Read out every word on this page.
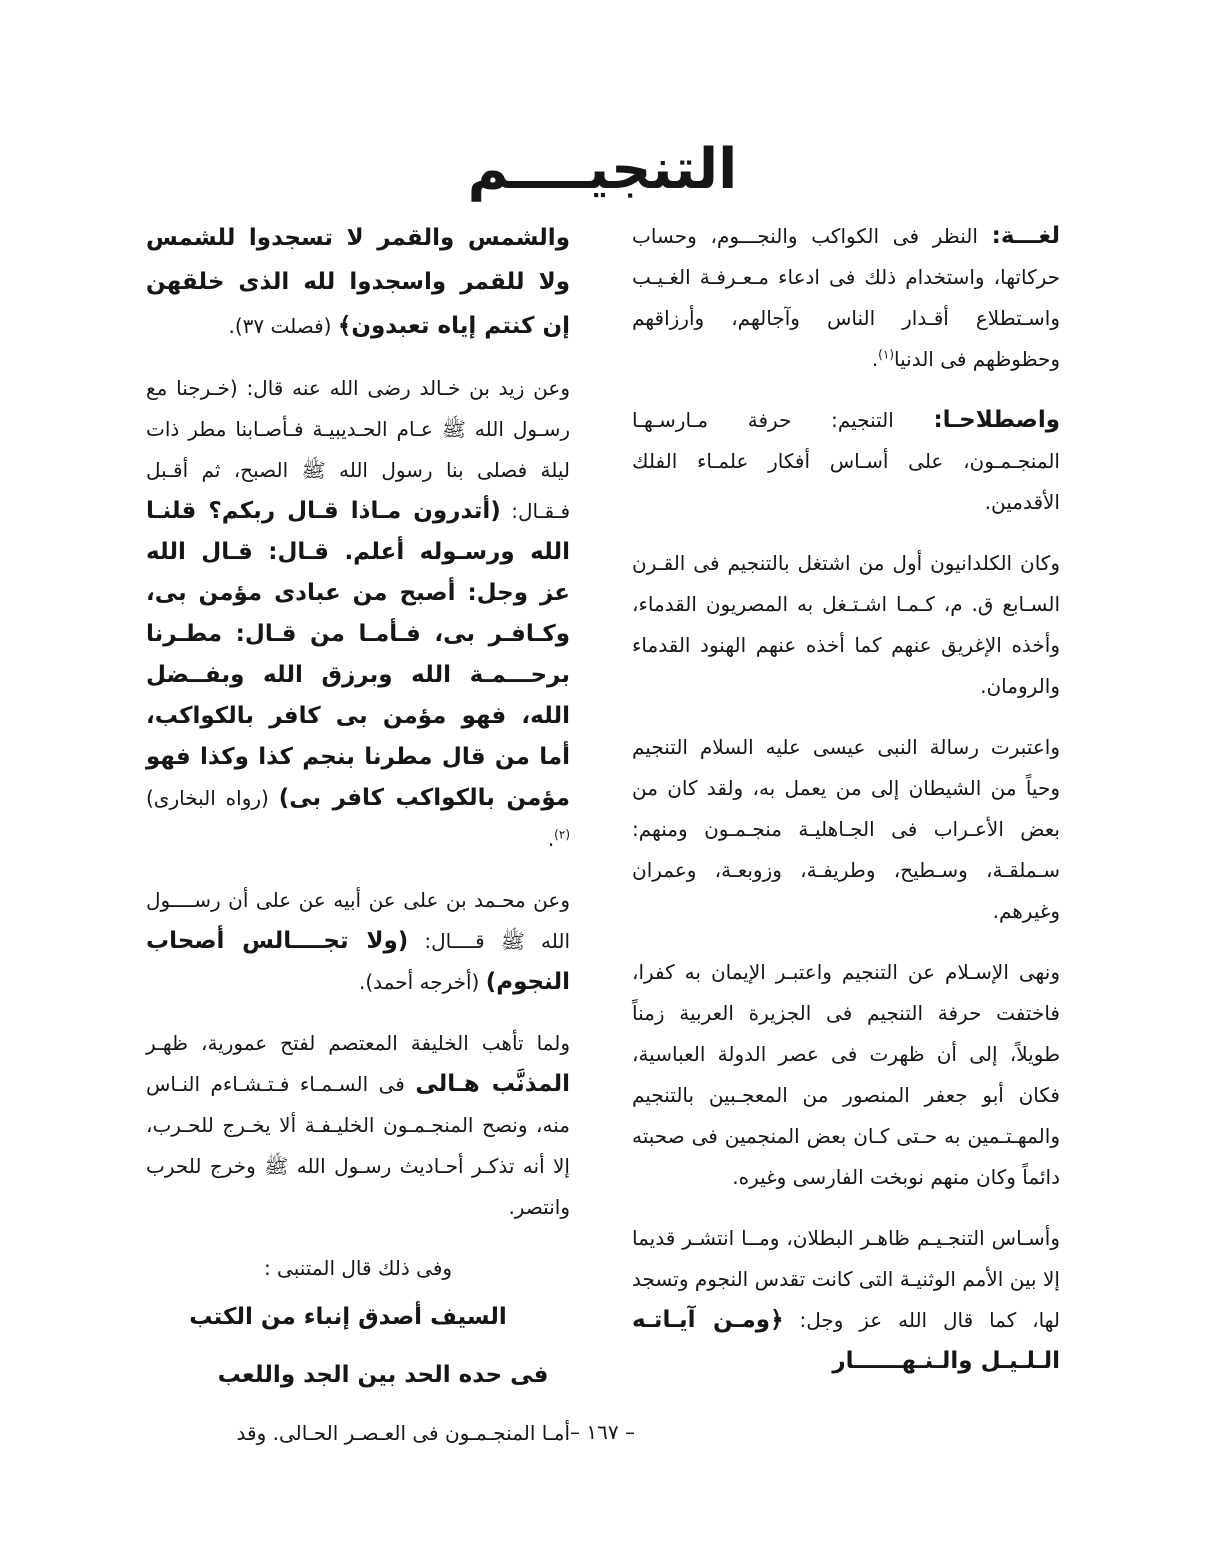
التنجيــــم

لغـــة: النظر فى الكواكب والنجـــوم، وحساب حركاتها، واستخدام ذلك فى ادعاء مـعـرفـة الغـيـب واسـتطلاع أقـدار الناس وآجالهم، وأرزاقهم وحظوظهم فى الدنيا$^{(١)}$.

واصطلاحـا: التنجيم: حرفة مـارسـهـا المنجـمـون، على أسـاس أفكار علمـاء الفلك الأقدمين.

وكان الكلدانيون أول من اشتغل بالتنجيم فى القـرن السـابع ق. م، كـمـا اشـتـغل به المصريون القدماء، وأخذه الإغريق عنهم كما أخذه عنهم الهنود القدماء والرومان.

واعتبرت رسالة النبى عيسى عليه السلام التنجيم وحياً من الشيطان إلى من يعمل به، ولقد كان من بعض الأعـراب فى الجـاهليـة منجـمـون ومنهم: سـملقـة، وسـطيح، وطريفـة، وزوبعـة، وعمران وغيرهم.

ونهى الإسـلام عن التنجيم واعتبـر الإيمان به كفرا، فاختفت حرفة التنجيم فى الجزيرة العربية زمناً طويلاً، إلى أن ظهرت فى عصر الدولة العباسية، فكان أبو جعفر المنصور من المعجـبين بالتنجيم والمهـتـمين به حـتى كـان بعض المنجمين فى صحبته دائماً وكان منهم نوبخت الفارسى وغيره.

وأسـاس التنجـيـم ظاهـر البطلان، ومــا انتشـر قديما إلا بين الأمم الوثنيـة التى كانت تقدس النجوم وتسجد لها، كما قال الله عز وجل: ﴿ومـن آيـاتـه الـلـيـل والـنـهــــــار

والشمس والقمر لا تسجدوا للشمس ولا للقمر واسجدوا لله الذى خلقهن إن كنتم إياه تعبدون﴾ (فصلت ٣٧).

وعن زيد بن خـالد رضى الله عنه قال: (خـرجنا مع رسـول الله ﷺ عـام الحـديبيـة فـأصـابنا مطر ذات ليلة فصلى بنا رسول الله ﷺ الصبح، ثم أقـبل فـقـال: (أتدرون مـاذا قـال ربكم؟ قلنـا الله ورسـوله أعلم. قـال: قـال الله عز وجل: أصبح من عبادى مؤمن بى، وكـافـر بى، فـأمـا من قـال: مطـرنا برحـــمـة الله وبرزق الله وبفــضل الله، فهو مؤمن بى كافر بالكواكب، أما من قال مطرنا بنجم كذا وكذا فهو مؤمن بالكواكب كافر بى) (رواه البخارى)$^{(٢)}$.

وعن محـمد بن على عن أبيه عن على أن رســــول الله ﷺ قــــال: (ولا تجــــالس أصحاب النجوم) (أخرجه أحمد).

ولما تأهب الخليفة المعتصم لفتح عمورية، ظهـر المذنَّب هـالى فى السـمـاء فـتـشـاءم النـاس منه، ونصح المنجـمـون الخليـفـة ألا يخـرج للحـرب، إلا أنه تذكـر أحـاديث رسـول الله ﷺ وخرج للحرب وانتصر.

وفى ذلك قال المتنبى :

السيف أصدق إنباء من الكتب
فى حده الحد بين الجد واللعب

أمـا المنجـمـون فى العـصـر الحـالى. وقد – ١٦٧ –
